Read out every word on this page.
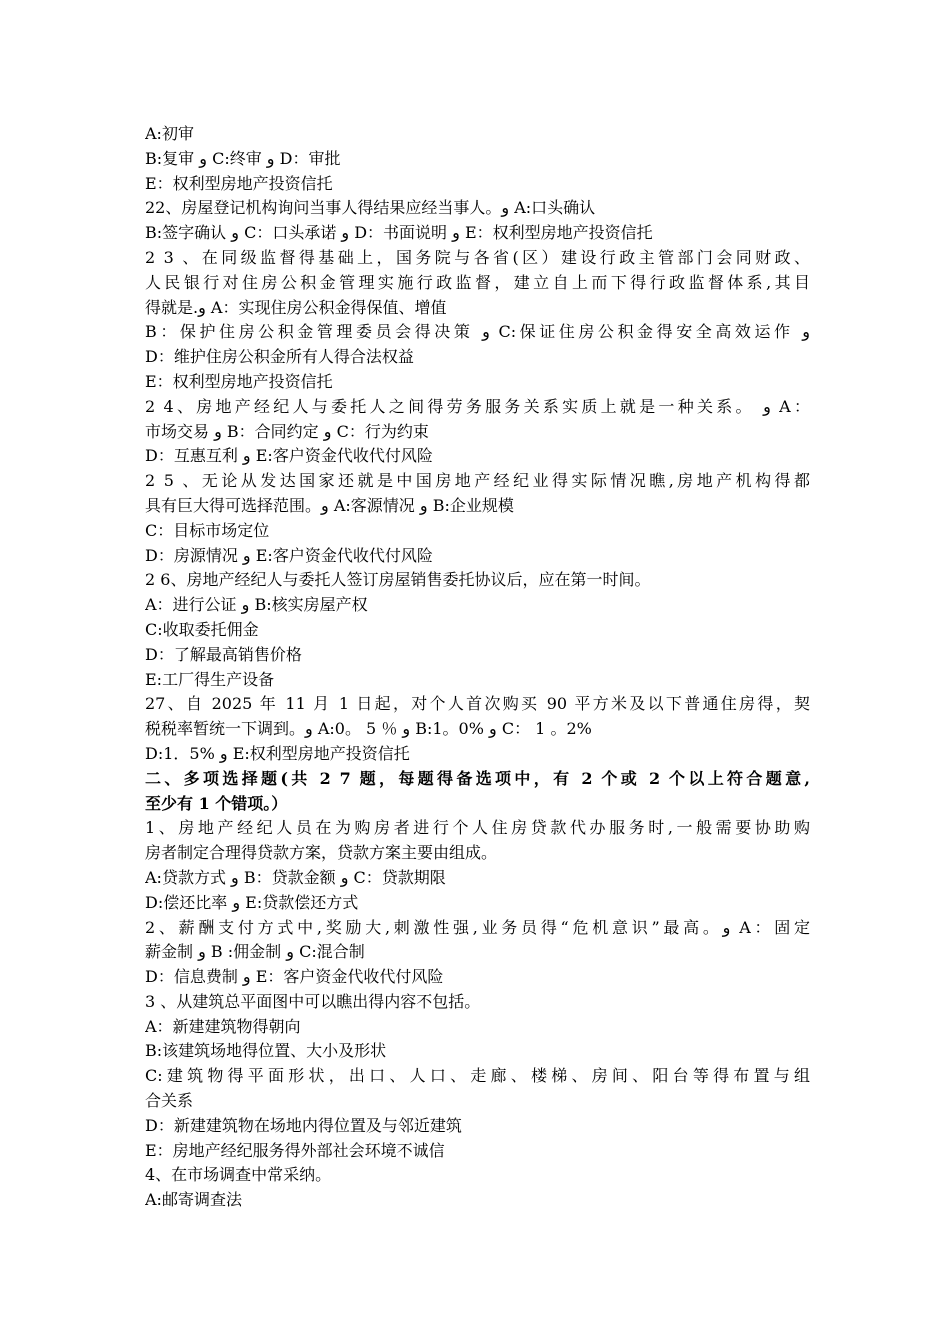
A:初审
B:复审 و C:终审 و D：审批
E：权利型房地产投资信托
22、房屋登记机构询问当事人得结果应经当事人。و A:口头确认
B:签字确认 و C：口头承诺 و D：书面说明 و E：权利型房地产投资信托
2 3 、在同级监督得基础上，国务院与各省(区）建设行政主管部门会同财政、
人民银行对住房公积金管理实施行政监督，建立自上而下得行政监督体系,其目
得就是.و A：实现住房公积金得保值、增值
B：保护住房公积金管理委员会得决策 و C:保证住房公积金得安全高效运作 و
D：维护住房公积金所有人得合法权益
E：权利型房地产投资信托
2 4、房地产经纪人与委托人之间得劳务服务关系实质上就是一种关系。 و A：
市场交易 و B：合同约定 و C：行为约束
D：互惠互利 و E:客户资金代收代付风险
2 5 、无论从发达国家还就是中国房地产经纪业得实际情况瞧,房地产机构得都
具有巨大得可选择范围。و A:客源情况 و B:企业规模
C：目标市场定位
D：房源情况 و E:客户资金代收代付风险
2 6、房地产经纪人与委托人签订房屋销售委托协议后，应在第一时间。
A：进行公证 و B:核实房屋产权
C:收取委托佣金
D：了解最高销售价格
E:工厂得生产设备
27、自 2025 年 11 月 1 日起，对个人首次购买 90 平方米及以下普通住房得，契
税税率暂统一下调到。و A:0。 5 ％ و B:1。0% و C： 1 。2%
D:1．5% و E:权利型房地产投资信托
二、多项选择题(共 2 7 题，每题得备选项中，有 2 个或 2 个以上符合题意,
至少有 1 个错项。）
1、房地产经纪人员在为购房者进行个人住房贷款代办服务时,一般需要协助购
房者制定合理得贷款方案，贷款方案主要由组成。
A:贷款方式 و B：贷款金额 و C：贷款期限
D:偿还比率 و E:贷款偿还方式
2、薪酬支付方式中,奖励大,刺激性强,业务员得“危机意识”最高。و A：固定
薪金制 و B :佣金制 و C:混合制
D：信息费制 و E：客户资金代收代付风险
3 、从建筑总平面图中可以瞧出得内容不包括。
A：新建建筑物得朝向
B:该建筑场地得位置、大小及形状
C:建筑物得平面形状，出口、人口、走廊、楼梯、房间、阳台等得布置与组
合关系
D：新建建筑物在场地内得位置及与邻近建筑
E：房地产经纪服务得外部社会环境不诚信
4、在市场调查中常采纳。
A:邮寄调查法
